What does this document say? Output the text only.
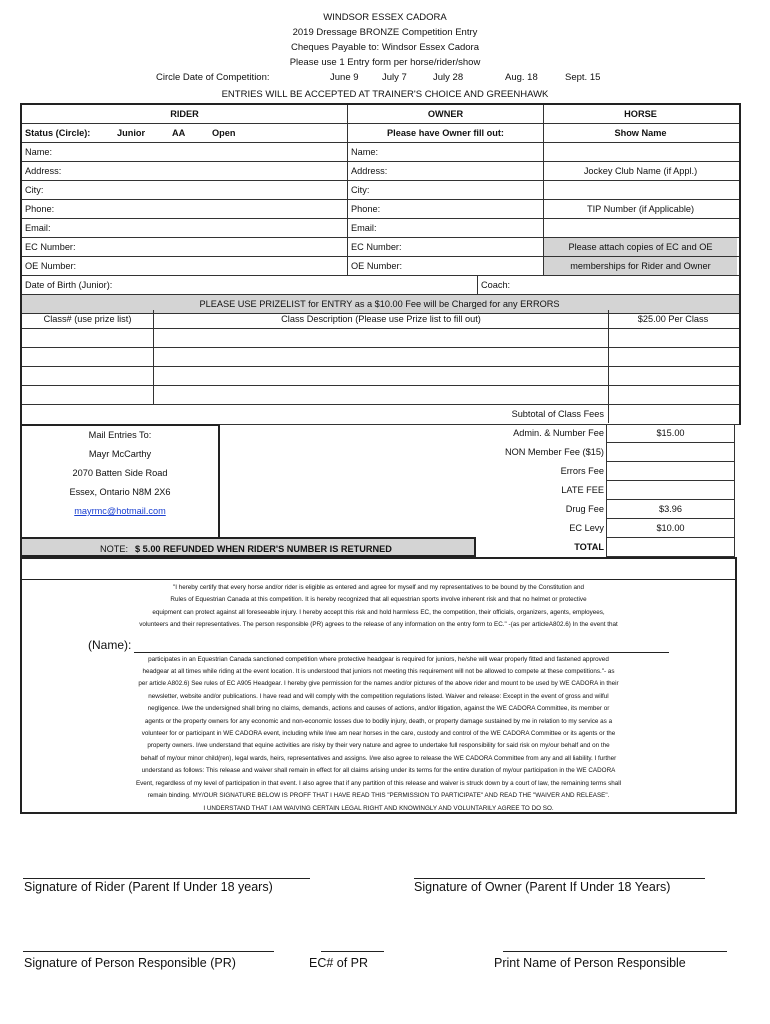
WINDSOR ESSEX CADORA
2019 Dressage BRONZE Competition Entry
Cheques Payable to: Windsor Essex Cadora
Please use 1 Entry form per horse/rider/show
Circle Date of Competition:	June 9 July 7	July 28	Aug. 18	Sept. 15
ENTRIES WILL BE ACCEPTED AT TRAINER'S CHOICE AND GREENHAWK
RIDER	OWNER	HORSE
Status (Circle):	Junior	AA	Open	Please have Owner fill out:	Show Name
Name:	Name:
Address:	Address:	Jockey Club Name (if Appl.)
City:	City:
Phone:	Phone:	TIP Number (if Applicable)
Email:	Email:
EC Number:	EC Number:	Please attach copies of EC and OE
OE Number:	OE Number:	memberships for Rider and Owner
Date of Birth (Junior):	Coach:
PLEASE USE PRIZELIST for ENTRY as a $10.00 Fee will be Charged for any ERRORS
Class# (use prize list)	Class Description (Please use Prize list to fill out)	$25.00 Per Class
Subtotal of Class Fees
Mail Entries To:
Mayr McCarthy
2070 Batten Side Road
Essex, Ontario N8M 2X6
mayrmc@hotmail.com
Admin. & Number Fee	$15.00
NON Member Fee ($15)
Errors Fee
LATE FEE
Drug Fee	$3.96
EC Levy	$10.00
TOTAL
NOTE: $ 5.00 REFUNDED WHEN RIDER'S NUMBER IS RETURNED

"I hereby certify that every horse and/or rider is eligible as entered and agree for myself and my representatives to be bound by the Constitution and

Rules of Equestrian Canada at this competition. It is hereby recognized that all equestrian sports involve inherent risk and that no helmet or protective

equipment can protect against all foreseeable injury. I hereby accept this risk and hold harmless EC, the competition, their officials, organizers, agents, employees,

volunteers and their representatives. The person responsible (PR) agrees to the release of any information on the entry form to EC." -(as per articleA802.6) In the event that

(Name):

participates in an Equestrian Canada sanctioned competition where protective headgear is required for juniors, he/she will wear properly fitted and fastened approved

headgear at all times while riding at the event location. It is understood that juniors not meeting this requirement will not be allowed to compete at these competitions."- as

per article A802.6) See rules of EC A905 Headgear. I hereby give permission for the names and/or pictures of the above rider and mount to be used by WE CADORA in their

newsletter, website and/or publications. I have read and will comply with the competition regulations listed. Waiver and release: Except in the event of gross and wilful

negligence. I/we the undersigned shall bring no claims, demands, actions and causes of actions, and/or litigation, against the WE CADORA Committee, its member or

agents or the property owners for any economic and non-economic losses due to bodily injury, death, or property damage sustained by me in relation to my service as a

volunteer for or participant in WE CADORA event, including while I/we am near horses in the care, custody and control of the WE CADORA Committee or its agents or the

property owners. I/we understand that equine activities are risky by their very nature and agree to undertake full responsibility for said risk on my/our behalf and on the

behalf of my/our minor child(ren), legal wards, heirs, representatives and assigns. I/we also agree to release the WE CADORA Committee from any and all liability. I further

understand as follows: This release and waiver shall remain in effect for all claims arising under its terms for the entire duration of my/our participation in the WE CADORA

Event, regardless of my level of participation in that event. I also agree that if any partition of this release and waiver is struck down by a court of law, the remaining terms shall

remain binding. MY/OUR SIGNATURE BELOW IS PROFF THAT I HAVE READ THIS "PERMISSION TO PARTICIPATE" AND READ THE "WAIVER AND RELEASE".

I UNDERSTAND THAT I AM WAIVING CERTAIN LEGAL RIGHT AND KNOWINGLY AND VOLUNTARILY AGREE TO DO SO.

Signature of Rider (Parent If Under 18 years)	Signature of Owner (Parent If Under 18 Years)
Signature of Person Responsible (PR)	EC# of PR	Print Name of Person Responsible
